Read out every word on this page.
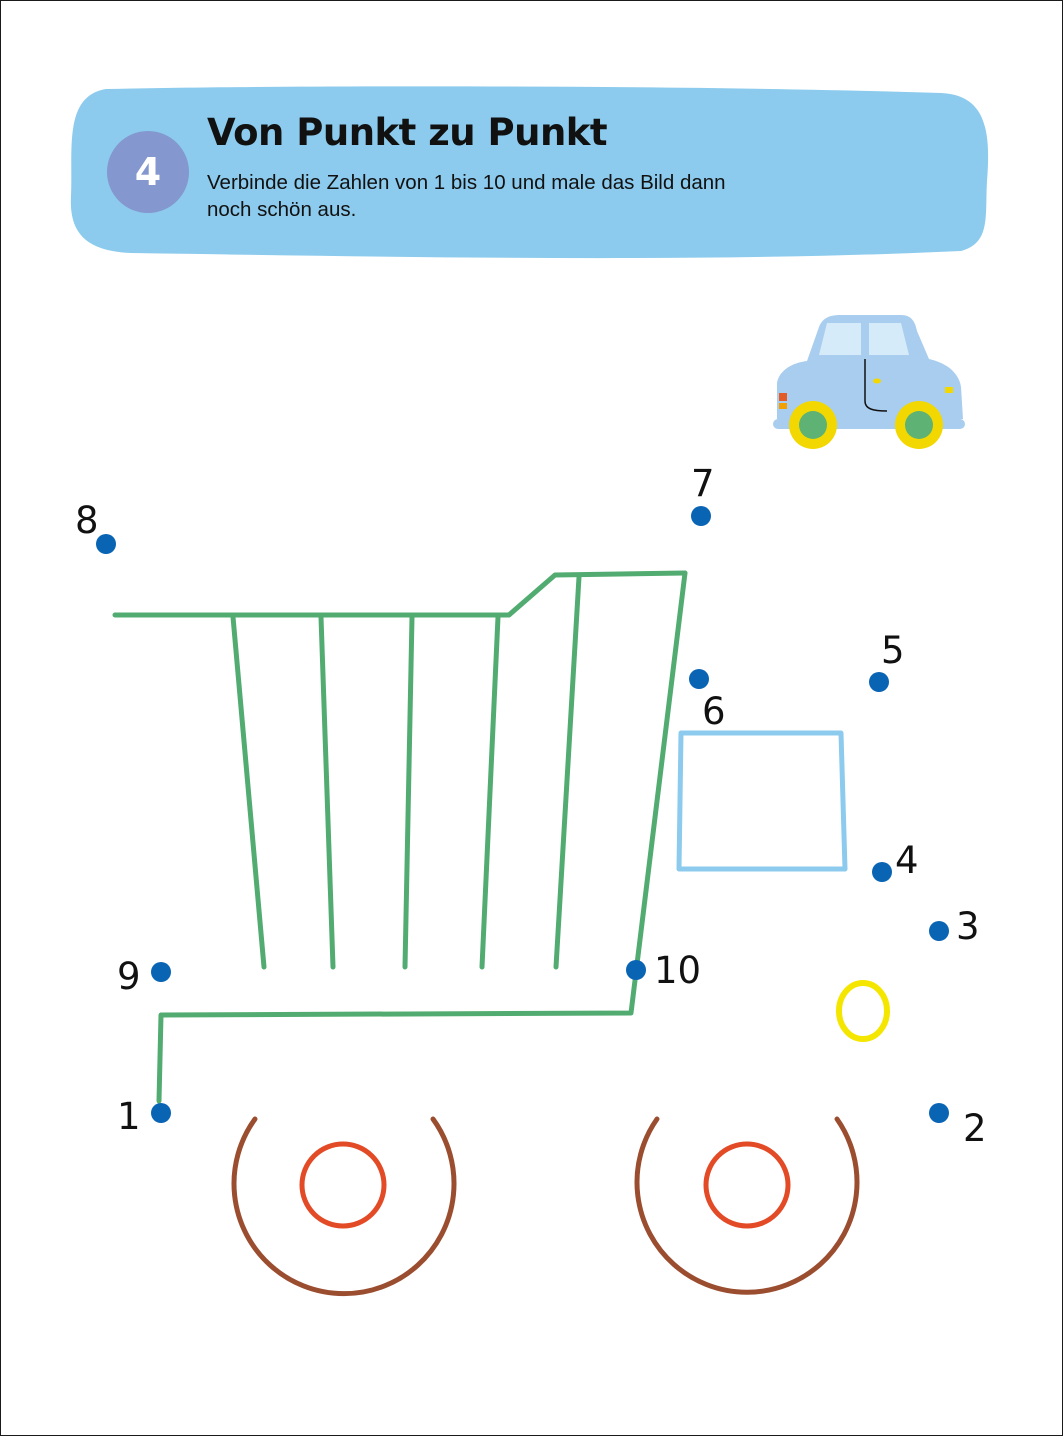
4
Von Punkt zu Punkt
Verbinde die Zahlen von 1 bis 10 und male das Bild dann noch schön aus.
1	2
3
4
5
6
7
8
9	10
